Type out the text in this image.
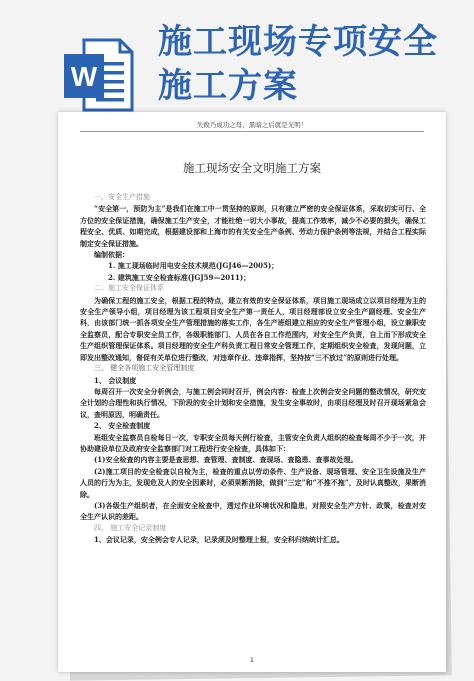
W
施工现场专项安全
施工方案
失败乃成功之母，黑暗之后就是光明！
施工现场安全文明施工方案

一、安全生产措施

“安全第一，预防为主”是我们在施工中一贯坚持的原则，只有建立严密的安全保证体系，采取切实可行、全方位的安全保证措施，确保施工生产安全，才能杜绝一切大小事故，提高工作效率，减少不必要的损失，确保工程安全、优质、如期完成，根据建设部和上海市的有关安全生产条例、劳动力保护条例等法规，并结合工程实际制定安全保证措施。

编制依据：

1. 施工现场临时用电安全技术规范(JGJ46—2005)；

2. 建筑施工安全检查标准(JGJ59—2011)；

二、施工安全保证体系

为确保工程的施工安全，根据工程的特点，建立有效的安全保证体系，项目施工现场成立以项目经理为主的安全生产领导小组，项目经理为该工程项目安全生产第一责任人，项目经理部设立安全生产副经理、安全生产科，由该部门统一抓各项安全生产管理措施的落实工作，各生产班组建立相应的安全生产管理小组，设立兼职安全监察员，配合专职安全员工作，各级职能部门、人员在各自工作范围内，对安全生产负责，自上而下形成安全生产组织管理保证体系。项目经理的安全生产科负责工程日常安全管理工作，定期组织安全检查，发现问题，立即发出整改通知，督促有关单位进行整改，对违章作业、违章指挥，坚持按“三不放过”的原则进行处理。

三、 健全各项施工安全管理制度

1、 会议制度

每周召开一次安全分析例会，与施工例会同时召开，例会内容：检查上次例会安全问题的整改情况，研究安全计划的合理性和执行情况，下阶段的安全计划和安全措施，发生安全事故时，由项目经理及时召开现场紧急会议，查明原因，明确责任。

2、 安全检查制度

班组安全监察员自检每日一次，专职安全员每天例行检查，主管安全负责人组织的检查每周不少于一次，并协助建设单位及政府安全监察部门对工程进行安全检查，具体如下：

(1)安全检查的内容主要是查思想、查管理、查制度、查现场、查隐患、查事故处理。

(2)施工项目的安全检查以自检为主，检查的重点以劳动条件、生产设备、现场管理、安全卫生设施及生产人员的行为为主，发现危及人的安全因素时，必须果断消除，做到“三定”和“不推不拖”，及时认真整改，果断消除。

(3)各级生产组织者，在全面安全检查中，透过作业环境状况和隐患，对照安全生产方针、政策，检查对安全生产认识的差距。

四、 施工安全记录制度

1、会议记录，安全例会专人记录，记录须及时整理上报，安全科归纳统计汇总。

1
